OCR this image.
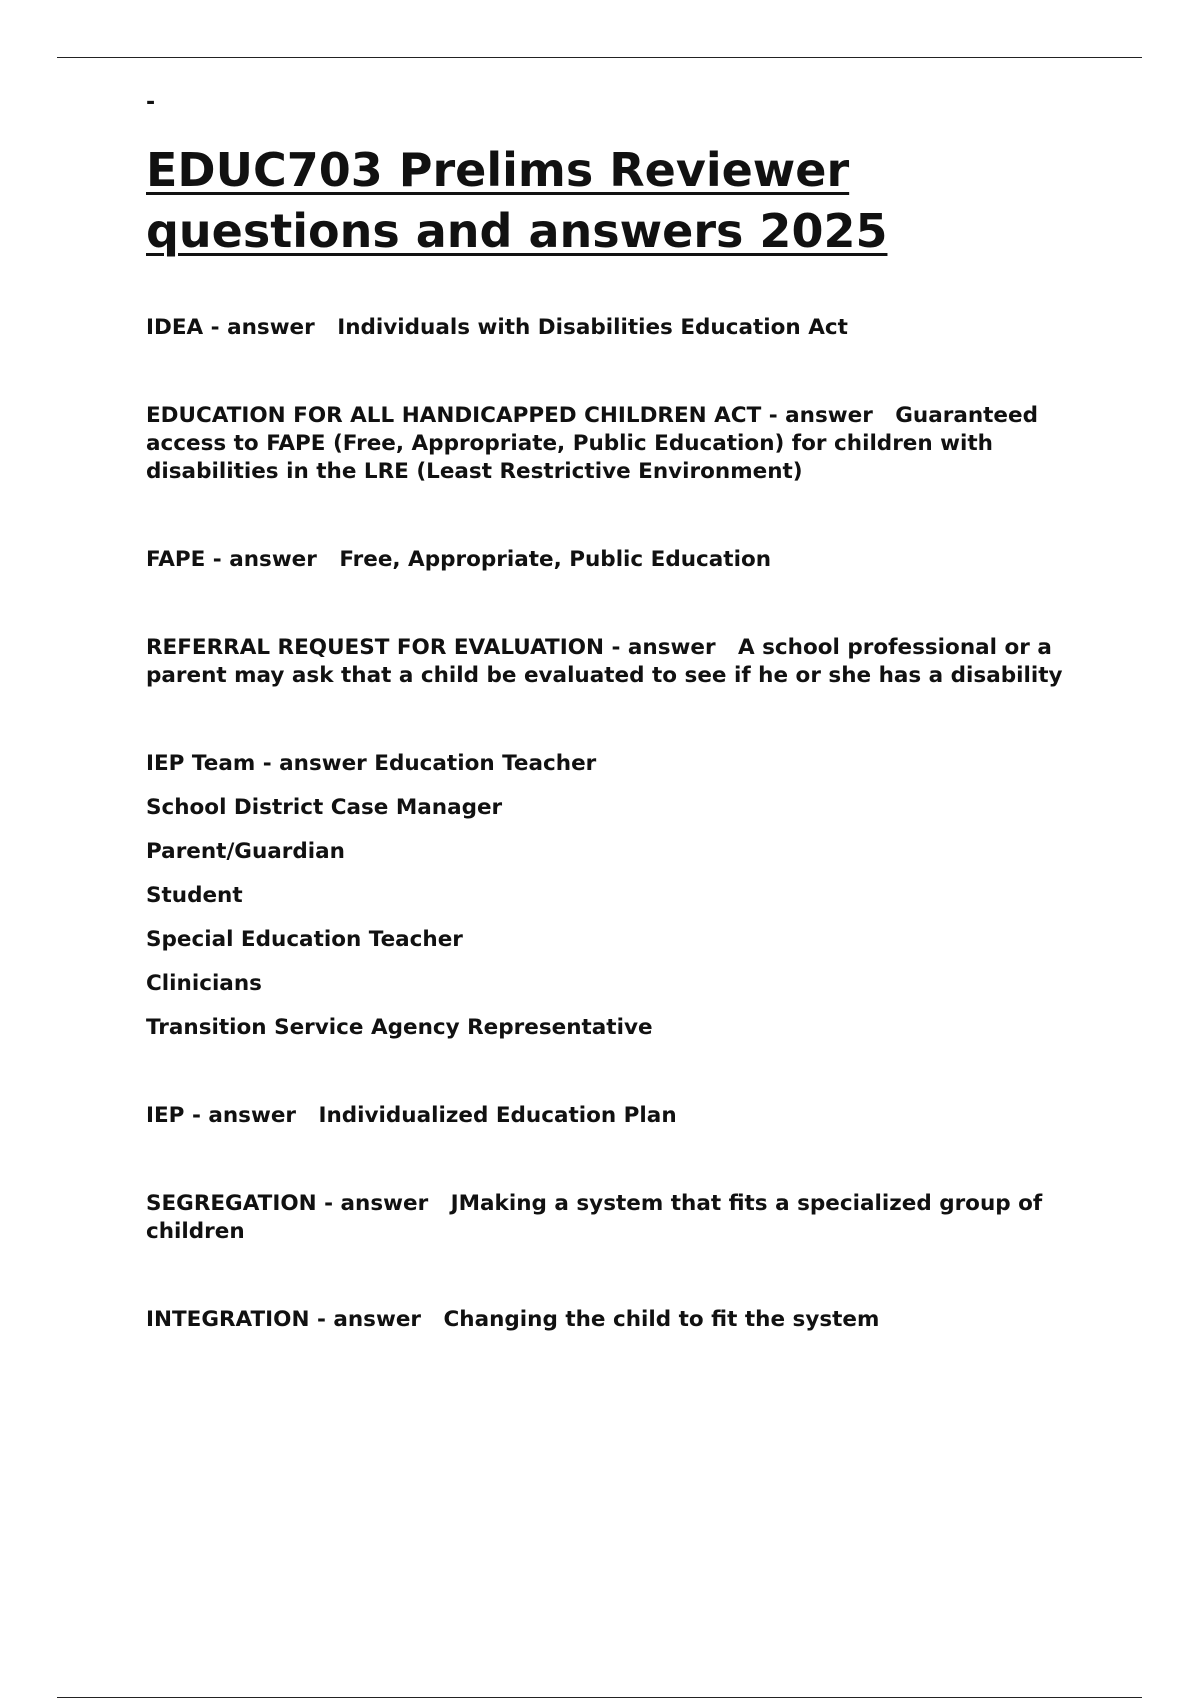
-
EDUC703 Prelims Reviewer
questions and answers 2025

IDEA - answer   Individuals with Disabilities Education Act

EDUCATION FOR ALL HANDICAPPED CHILDREN ACT - answer   Guaranteed access to FAPE (Free, Appropriate, Public Education) for children with disabilities in the LRE (Least Restrictive Environment)

FAPE - answer   Free, Appropriate, Public Education

REFERRAL REQUEST FOR EVALUATION - answer   A school professional or a parent may ask that a child be evaluated to see if he or she has a disability

IEP Team - answer Education Teacher
School District Case Manager
Parent/Guardian
Student
Special Education Teacher
Clinicians
Transition Service Agency Representative

IEP - answer   Individualized Education Plan

SEGREGATION - answer   JMaking a system that fits a specialized group of children

INTEGRATION - answer   Changing the child to fit the system
